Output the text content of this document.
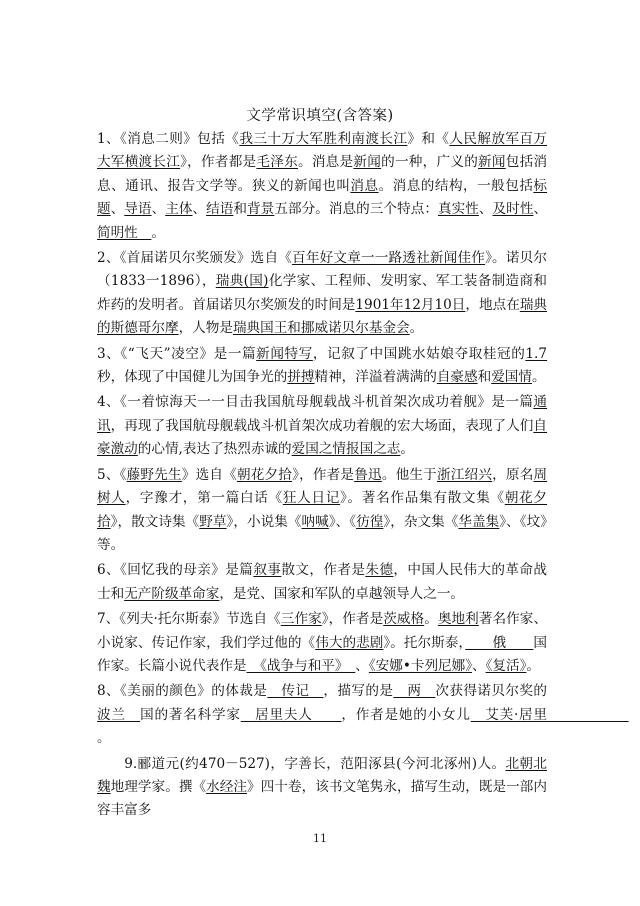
文学常识填空(含答案)

1、《消息二则》包括《我三十万大军胜利南渡长江》和《人民解放军百万大军横渡长江》，作者都是毛泽东。消息是新闻的一种，广义的新闻包括消息、通讯、报告文学等。狭义的新闻也叫消息。消息的结构，一般包括标题、导语、主体、结语和背景五部分。消息的三个特点：真实性、及时性、简明性　。

2、《首届诺贝尔奖颁发》选自《百年好文章一一路透社新闻佳作》。诺贝尔（1833一1896），瑞典(国)化学家、工程师、发明家、军工装备制造商和炸药的发明者。首届诺贝尔奖颁发的时间是1901年12月10日，地点在瑞典的斯德哥尔摩，人物是瑞典国王和挪威诺贝尔基金会。

3、《“飞天”凌空》是一篇新闻特写，记叙了中国跳水姑娘夺取桂冠的1.7秒，体现了中国健儿为国争光的拼搏精神，洋溢着满满的自豪感和爱国情。

4、《一着惊海天一一目击我国航母舰载战斗机首架次成功着舰》是一篇通讯，再现了我国航母舰载战斗机首架次成功着舰的宏大场面，表现了人们自豪激动的心情,表达了热烈赤诚的爱国之情报国之志。

5、《藤野先生》选自《朝花夕拾》，作者是鲁迅。他生于浙江绍兴，原名周树人，字豫才，第一篇白话《狂人日记》。著名作品集有散文集《朝花夕拾》，散文诗集《野草》，小说集《呐喊》、《彷徨》，杂文集《华盖集》、《坟》等。

6、《回忆我的母亲》是篇叙事散文，作者是朱德，中国人民伟大的革命战士和无产阶级革命家，是党、国家和军队的卓越领导人之一。

7、《列夫·托尔斯泰》节选自《三作家》，作者是茨威格。奥地利著名作家、小说家、传记作家，我们学过他的《伟大的悲剧》。托尔斯泰，　　俄　　国作家。长篇小说代表作是　《战争与和平》　、《安娜•卡列尼娜》、《复活》。

8、《美丽的颜色》的体裁是　传记　，描写的是　两　次获得诺贝尔奖的波兰　国的著名科学家　居里夫人　　，作者是她的小女儿　艾芙·居里　　　　　　。

9.郦道元(约470－527)，字善长，范阳涿县(今河北涿州)人。北朝北魏地理学家。撰《水经注》四十卷，该书文笔隽永，描写生动，既是一部内容丰富多

11
